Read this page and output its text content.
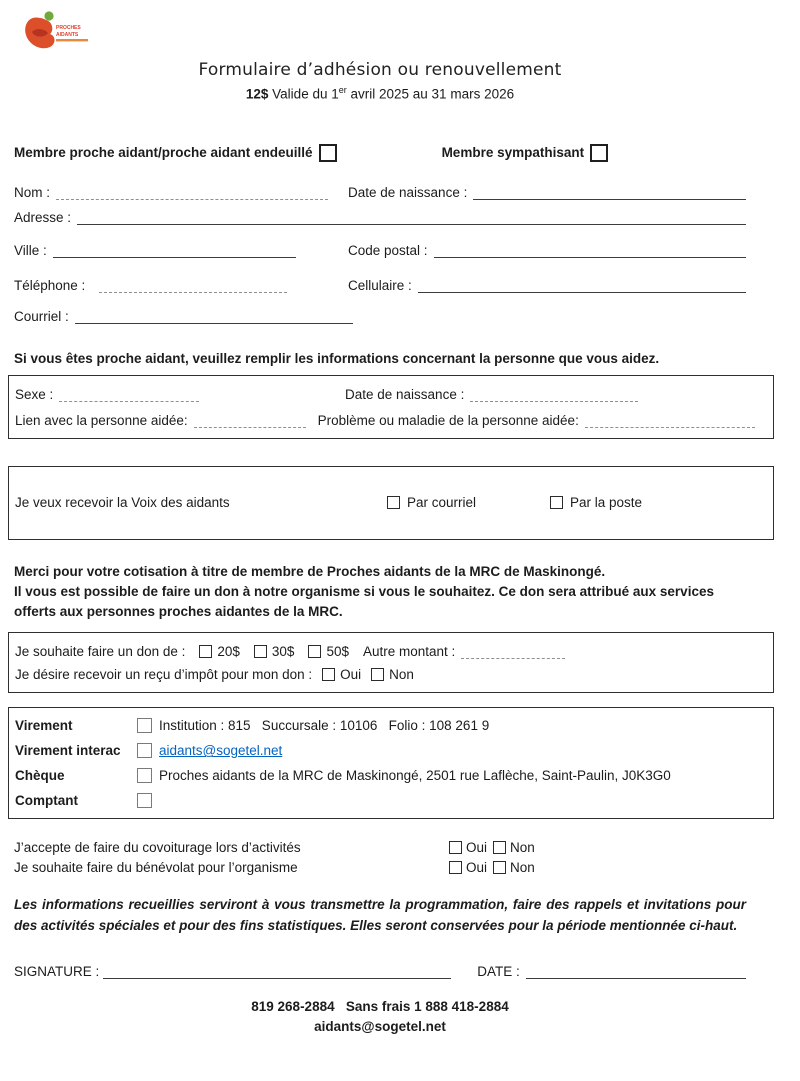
PROCHES
AIDANTS
Formulaire d’adhésion ou renouvellement
12$ Valide du 1er avril 2025 au 31 mars 2026
Membre proche aidant/proche aidant endeuillé	Membre sympathisant
Nom :	Date de naissance :
Adresse :
Ville :	Code postal :
Téléphone :	Cellulaire :
Courriel :
Si vous êtes proche aidant, veuillez remplir les informations concernant la personne que vous aidez.
Sexe :	Date de naissance :
Lien avec la personne aidée:	Problème ou maladie de la personne aidée:
Je veux recevoir la Voix des aidants	Par courriel	Par la poste
Merci pour votre cotisation à titre de membre de Proches aidants de la MRC de Maskinongé.
Il vous est possible de faire un don à notre organisme si vous le souhaitez. Ce don sera attribué aux services offerts aux personnes proches aidantes de la MRC.
Je souhaite faire un don de : 20$ 30$ 50$ Autre montant :
Je désire recevoir un reçu d’impôt pour mon don : Oui Non
Virement	Institution : 815   Succursale : 10106   Folio : 108 261 9
Virement interac	aidants@sogetel.net
Chèque	Proches aidants de la MRC de Maskinongé, 2501 rue Laflèche, Saint-Paulin, J0K3G0
Comptant
J’accepte de faire du covoiturage lors d’activités	Oui Non
Je souhaite faire du bénévolat pour l’organisme	Oui Non
Les informations recueillies serviront à vous transmettre la programmation, faire des rappels et invitations pour des activités spéciales et pour des fins statistiques. Elles seront conservées pour la période mentionnée ci-haut.
SIGNATURE :	DATE :
819 268-2884   Sans frais 1 888 418-2884
aidants@sogetel.net
